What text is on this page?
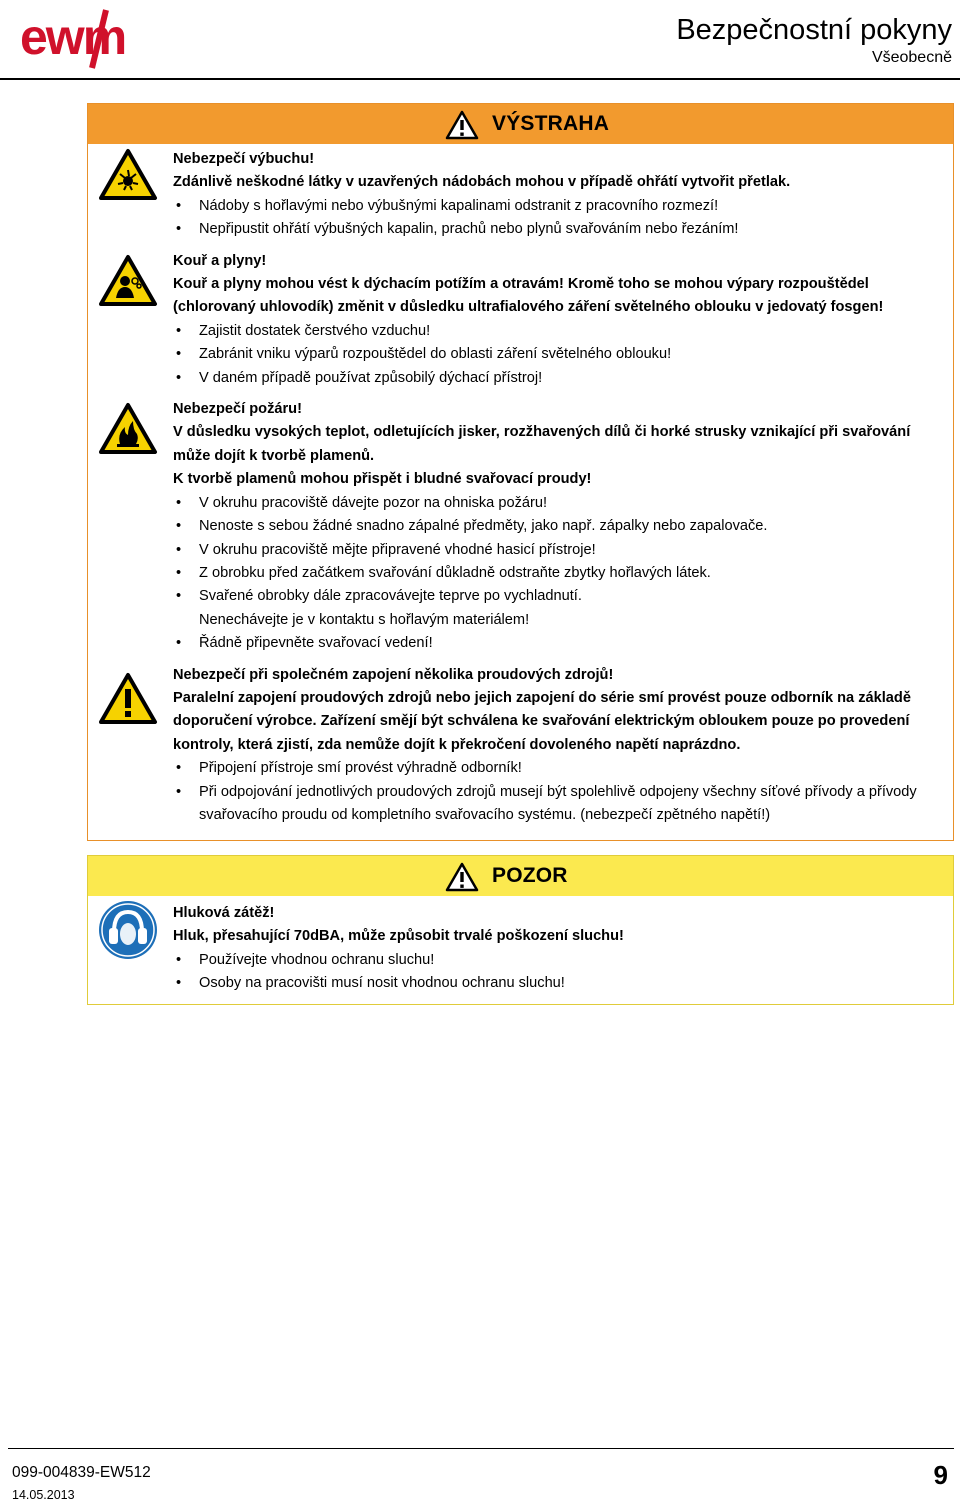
ewm	Bezpečnostní pokyny
Všeobecně
VÝSTRAHA
Nebezpečí výbuchu!
Zdánlivě neškodné látky v uzavřených nádobách mohou v případě ohřátí vytvořit přetlak.
• Nádoby s hořlavými nebo výbušnými kapalinami odstranit z pracovního rozmezí!
• Nepřipustit ohřátí výbušných kapalin, prachů nebo plynů svařováním nebo řezáním!
Kouř a plyny!
Kouř a plyny mohou vést k dýchacím potížím a otravám! Kromě toho se mohou výpary rozpouštědel (chlorovaný uhlovodík) změnit v důsledku ultrafialového záření světelného oblouku v jedovatý fosgen!
• Zajistit dostatek čerstvého vzduchu!
• Zabránit vniku výparů rozpouštědel do oblasti záření světelného oblouku!
• V daném případě používat způsobilý dýchací přístroj!
Nebezpečí požáru!
V důsledku vysokých teplot, odletujících jisker, rozžhavených dílů či horké strusky vznikající při svařování může dojít k tvorbě plamenů.
K tvorbě plamenů mohou přispět i bludné svařovací proudy!
• V okruhu pracoviště dávejte pozor na ohniska požáru!
• Nenoste s sebou žádné snadno zápalné předměty, jako např. zápalky nebo zapalovače.
• V okruhu pracoviště mějte připravené vhodné hasicí přístroje!
• Z obrobku před začátkem svařování důkladně odstraňte zbytky hořlavých látek.
• Svařené obrobky dále zpracovávejte teprve po vychladnutí.
Nenechávejte je v kontaktu s hořlavým materiálem!
• Řádně připevněte svařovací vedení!
Nebezpečí při společném zapojení několika proudových zdrojů!
Paralelní zapojení proudových zdrojů nebo jejich zapojení do série smí provést pouze odborník na základě doporučení výrobce. Zařízení smějí být schválena ke svařování elektrickým obloukem pouze po provedení kontroly, která zjistí, zda nemůže dojít k překročení dovoleného napětí naprázdno.
• Připojení přístroje smí provést výhradně odborník!
• Při odpojování jednotlivých proudových zdrojů musejí být spolehlivě odpojeny všechny síťové přívody a přívody svařovacího proudu od kompletního svařovacího systému. (nebezpečí zpětného napětí!)
POZOR
Hluková zátěž!
Hluk, přesahující 70dBA, může způsobit trvalé poškození sluchu!
• Používejte vhodnou ochranu sluchu!
• Osoby na pracovišti musí nosit vhodnou ochranu sluchu!
099-004839-EW512
14.05.2013
9
